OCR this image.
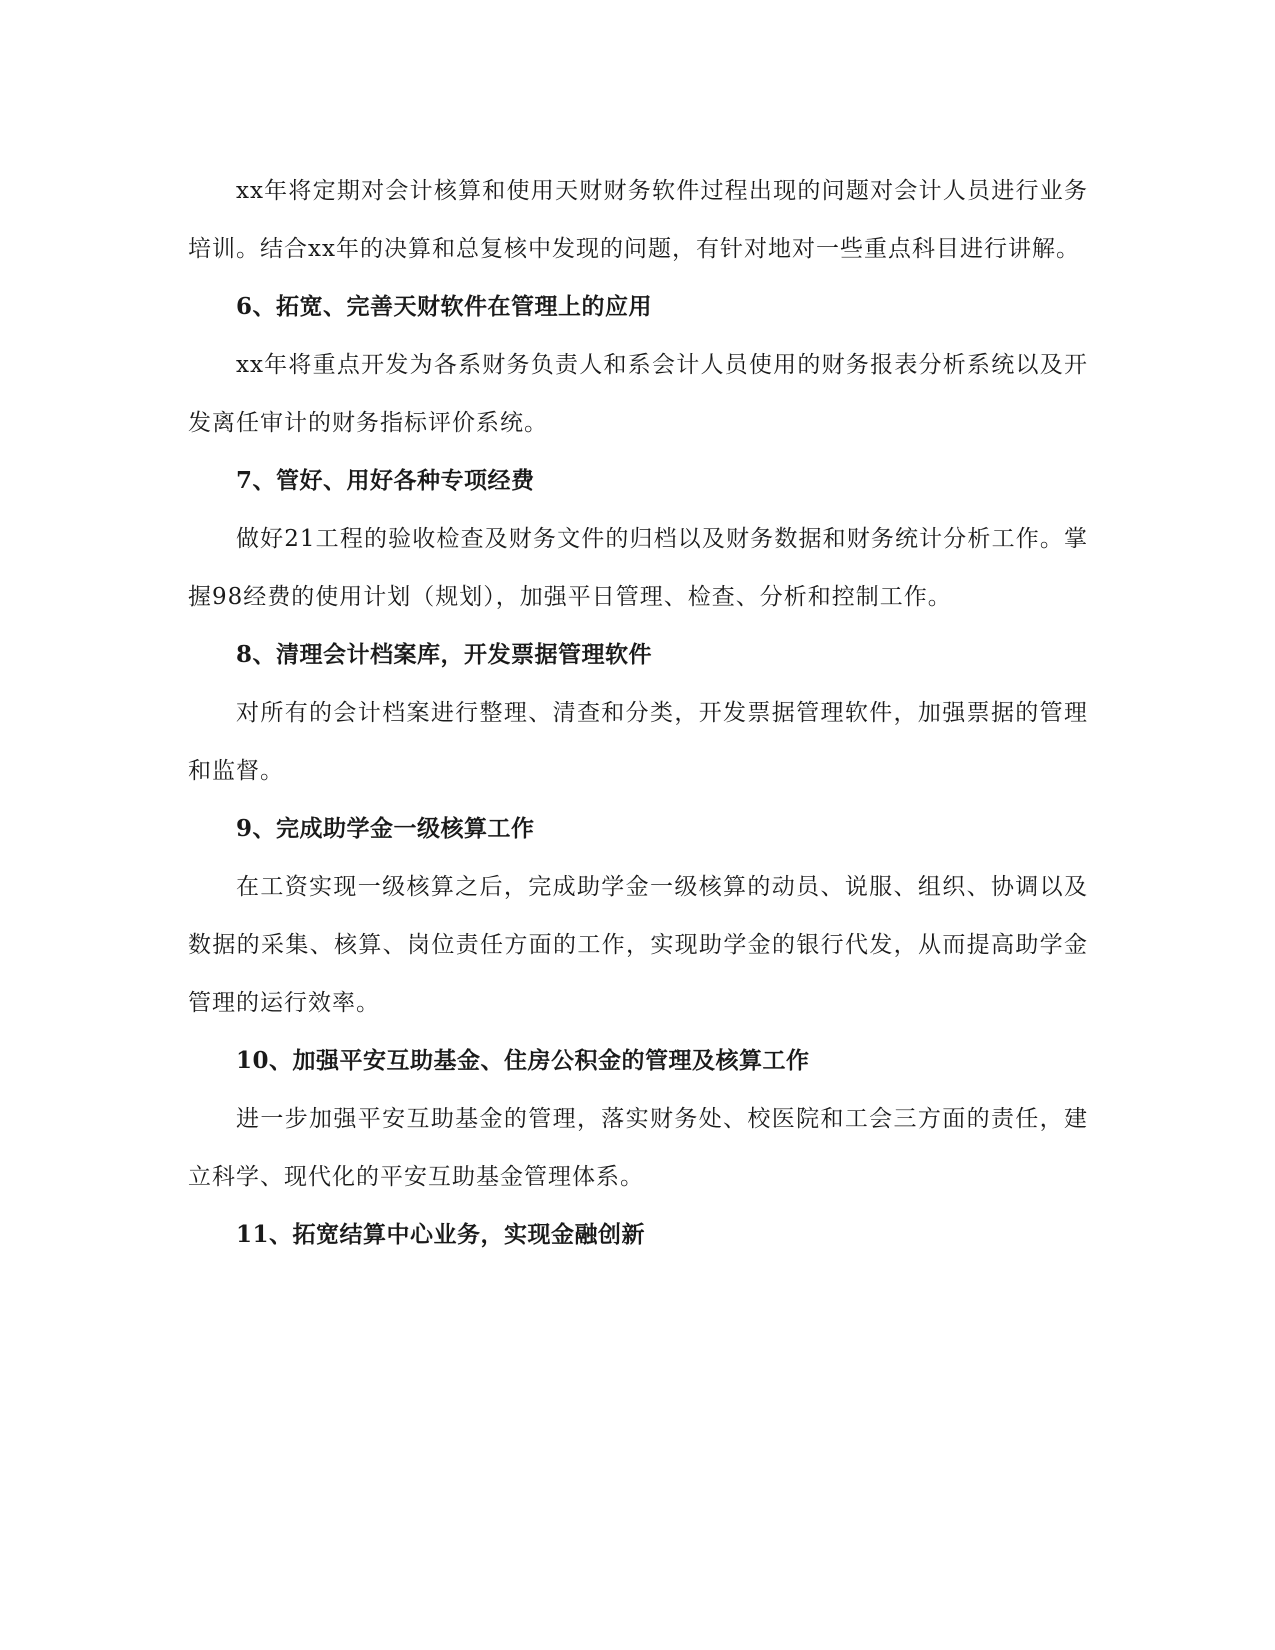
xx年将定期对会计核算和使用天财财务软件过程出现的问题对会计人员进行业务培训。结合xx年的决算和总复核中发现的问题，有针对地对一些重点科目进行讲解。

6、拓宽、完善天财软件在管理上的应用

xx年将重点开发为各系财务负责人和系会计人员使用的财务报表分析系统以及开发离任审计的财务指标评价系统。

7、管好、用好各种专项经费

做好21工程的验收检查及财务文件的归档以及财务数据和财务统计分析工作。掌握98经费的使用计划（规划），加强平日管理、检查、分析和控制工作。

8、清理会计档案库，开发票据管理软件

对所有的会计档案进行整理、清查和分类，开发票据管理软件，加强票据的管理和监督。

9、完成助学金一级核算工作

在工资实现一级核算之后，完成助学金一级核算的动员、说服、组织、协调以及数据的采集、核算、岗位责任方面的工作，实现助学金的银行代发，从而提高助学金管理的运行效率。

10、加强平安互助基金、住房公积金的管理及核算工作

进一步加强平安互助基金的管理，落实财务处、校医院和工会三方面的责任，建立科学、现代化的平安互助基金管理体系。

11、拓宽结算中心业务，实现金融创新
